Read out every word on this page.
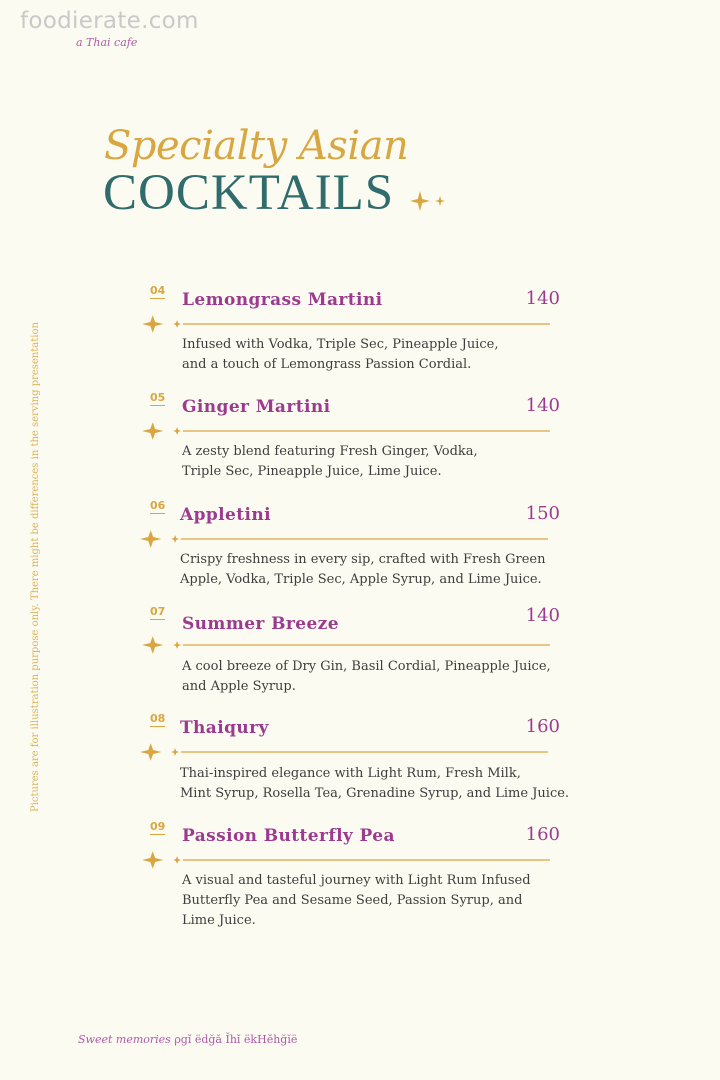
foodierate.com
a Thai cafe
Specialty Asian
COCKTAILS
Pictures are for illustration purpose only. There might be differences in the serving presentation
04 Lemongrass Martini	140
Infused with Vodka, Triple Sec, Pineapple Juice,
and a touch of Lemongrass Passion Cordial.
05 Ginger Martini	140
A zesty blend featuring Fresh Ginger, Vodka,
Triple Sec, Pineapple Juice, Lime Juice.
06 Appletini	150
Crispy freshness in every sip, crafted with Fresh Green
Apple, Vodka, Triple Sec, Apple Syrup, and Lime Juice.
07
Summer Breeze	140
A cool breeze of Dry Gin, Basil Cordial, Pineapple Juice,
and Apple Syrup.
08 Thaiqury	160
Thai-inspired elegance with Light Rum, Fresh Milk,
Mint Syrup, Rosella Tea, Grenadine Syrup, and Lime Juice.
09 Passion Butterfly Pea	160
A visual and tasteful journey with Light Rum Infused
Butterfly Pea and Sesame Seed, Passion Syrup, and
Lime Juice.
Sweet memories ρgĭ ëdğă Ĭhĭ ëkHĕhğĭë
